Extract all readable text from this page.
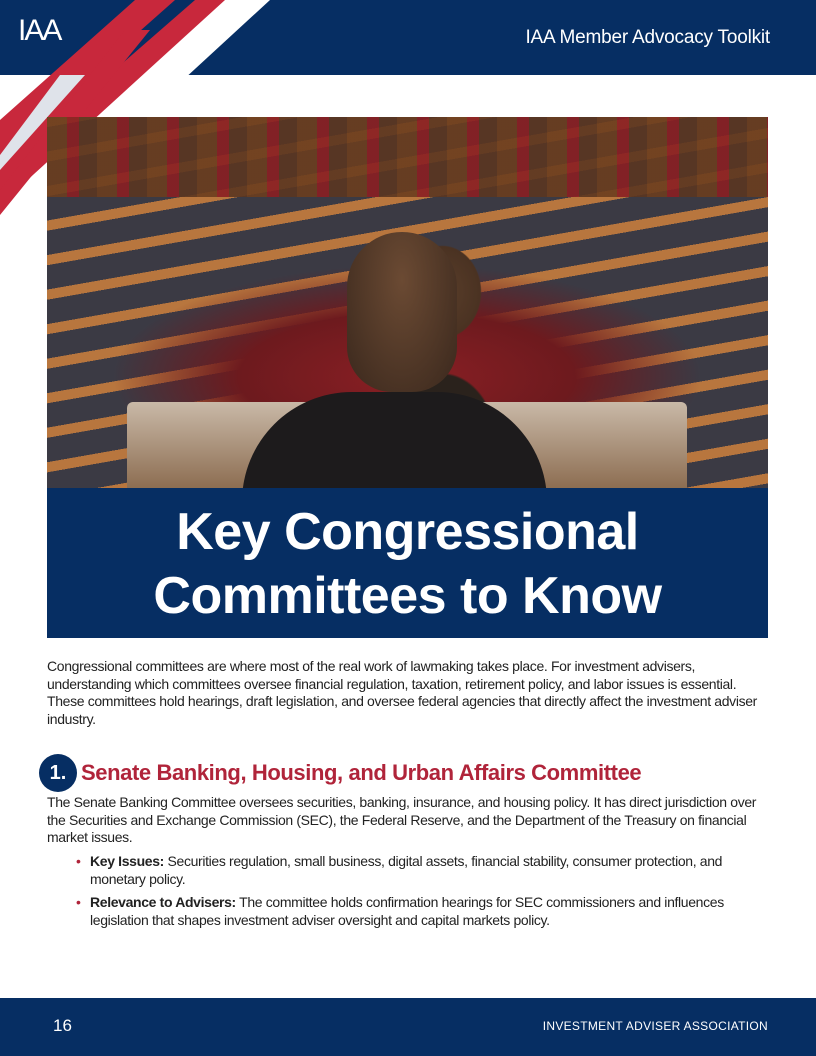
IAA Member Advocacy Toolkit
IAA
Key Congressional
Committees to Know

Congressional committees are where most of the real work of lawmaking takes place. For investment advisers, understanding which committees oversee financial regulation, taxation, retirement policy, and labor issues is essential. These committees hold hearings, draft legislation, and oversee federal agencies that directly affect the investment adviser industry.

1. Senate Banking, Housing, and Urban Affairs Committee

The Senate Banking Committee oversees securities, banking, insurance, and housing policy. It has direct jurisdiction over the Securities and Exchange Commission (SEC), the Federal Reserve, and the Department of the Treasury on financial market issues.

• Key Issues: Securities regulation, small business, digital assets, financial stability, consumer protection, and monetary policy.
• Relevance to Advisers: The committee holds confirmation hearings for SEC commissioners and influences legislation that shapes investment adviser oversight and capital markets policy.
16	INVESTMENT ADVISER ASSOCIATION
